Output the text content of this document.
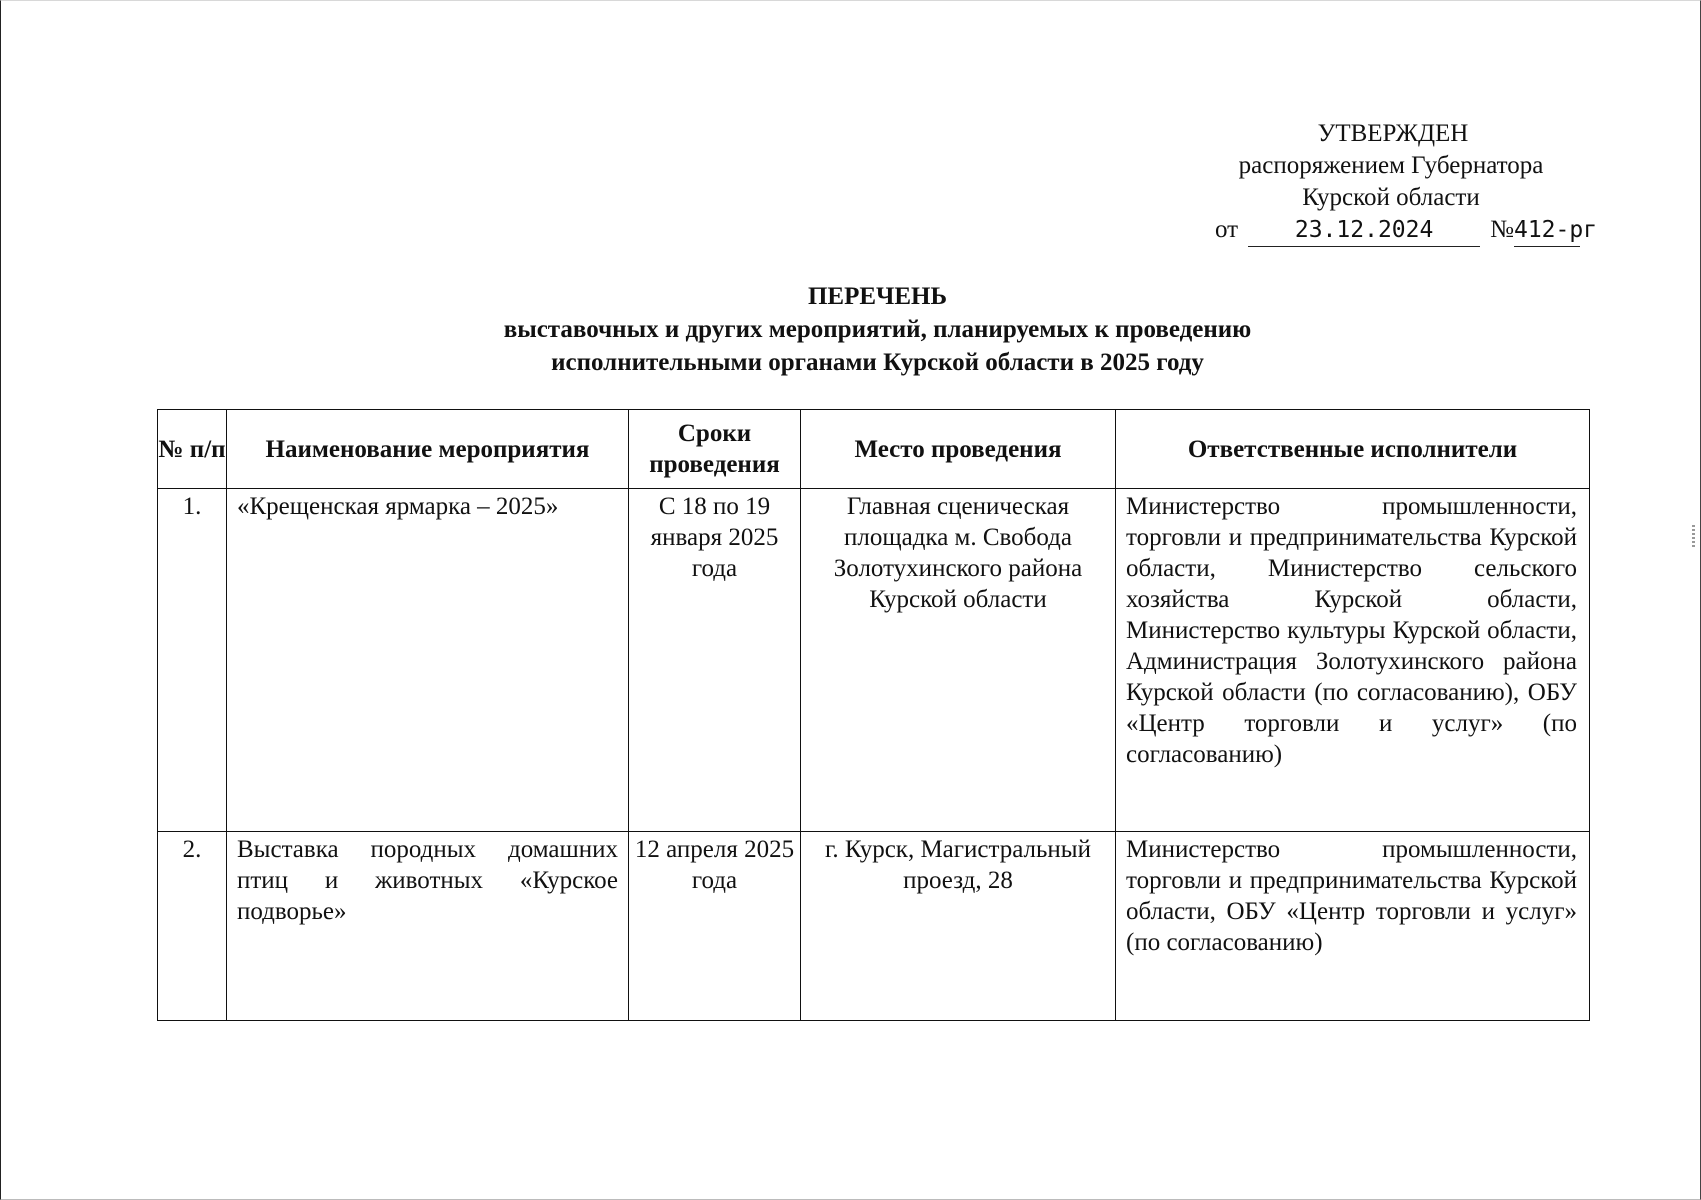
УТВЕРЖДЕН
распоряжением Губернатора
Курской области
от 23.12.2024 №412-рг
ПЕРЕЧЕНЬ
выставочных и других мероприятий, планируемых к проведению
исполнительными органами Курской области в 2025 году
№ п/п	Наименование мероприятия	Сроки проведения	Место проведения	Ответственные исполнители

1.	«Крещенская ярмарка – 2025»	С 18 по 19 января 2025 года	Главная сценическая площадка м. Свобода Золотухинского района Курской области	Министерство промышленности, торговли и предпринимательства Курской области, Министерство сельского хозяйства Курской области, Министерство культуры Курской области, Администрация Золотухинского района Курской области (по согласованию), ОБУ «Центр торговли и услуг» (по согласованию)

2.	Выставка породных домашних птиц и животных «Курское подворье»	12 апреля 2025 года	г. Курск, Магистральный проезд, 28	Министерство промышленности, торговли и предпринимательства Курской области, ОБУ «Центр торговли и услуг» (по согласованию)
